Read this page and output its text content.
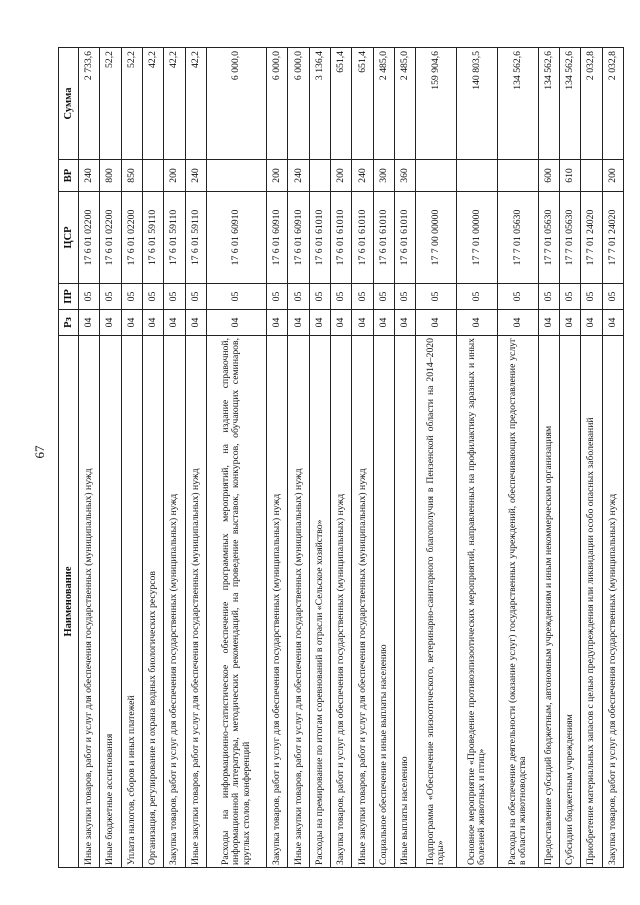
67
Наименование	Рз	ПР	ЦСР	ВР	Сумма
Иные закупки товаров, работ и услуг для обеспечения государственных (муниципальных) нужд	04	05	17 6 01 02200	240	2 733,6
Иные бюджетные ассигнования	04	05	17 6 01 02200	800	52,2
Уплата налогов, сборов и иных платежей	04	05	17 6 01 02200	850	52,2
Организация, регулирование и охрана водных биологических ресурсов	04	05	17 6 01 59110		42,2
Закупка товаров, работ и услуг для обеспечения государственных (муниципальных) нужд	04	05	17 6 01 59110	200	42,2
Иные закупки товаров, работ и услуг для обеспечения государственных (муниципальных) нужд	04	05	17 6 01 59110	240	42,2
Расходы на информационно-статистическое обеспечение программных мероприятий, на издание справочной, информационной литературы, методических рекомендаций, на проведение выставок, конкурсов, обучающих семинаров, круглых столов, конференций	04	05	17 6 01 60910		6 000,0
Закупка товаров, работ и услуг для обеспечения государственных (муниципальных) нужд	04	05	17 6 01 60910	200	6 000,0
Иные закупки товаров, работ и услуг для обеспечения государственных (муниципальных) нужд	04	05	17 6 01 60910	240	6 000,0
Расходы на премирование по итогам соревнований в отрасли «Сельское хозяйство»	04	05	17 6 01 61010		3 136,4
Закупка товаров, работ и услуг для обеспечения государственных (муниципальных) нужд	04	05	17 6 01 61010	200	651,4
Иные закупки товаров, работ и услуг для обеспечения государственных (муниципальных) нужд	04	05	17 6 01 61010	240	651,4
Социальное обеспечение и иные выплаты населению	04	05	17 6 01 61010	300	2 485,0
Иные выплаты населению	04	05	17 6 01 61010	360	2 485,0
Подпрограмма «Обеспечение эпизоотического, ветеринарно-санитарного благополучия в Пензенской области на 2014–2020 годы»	04	05	17 7 00 00000		159 904,6
Основное мероприятие «Проведение противоэпизоотических мероприятий, направленных на профилактику заразных и иных болезней животных и птиц»	04	05	17 7 01 00000		140 803,5
Расходы на обеспечение деятельности (оказание услуг) государственных учреждений, обеспечивающих предоставление услуг в области животноводства	04	05	17 7 01 05630		134 562,6
Предоставление субсидий бюджетным, автономным учреждениям и иным некоммерческим организациям	04	05	17 7 01 05630	600	134 562,6
Субсидии бюджетным учреждениям	04	05	17 7 01 05630	610	134 562,6
Приобретение материальных запасов с целью предупреждения или ликвидации особо опасных заболеваний	04	05	17 7 01 24020		2 032,8
Закупка товаров, работ и услуг для обеспечения государственных (муниципальных) нужд	04	05	17 7 01 24020	200	2 032,8
